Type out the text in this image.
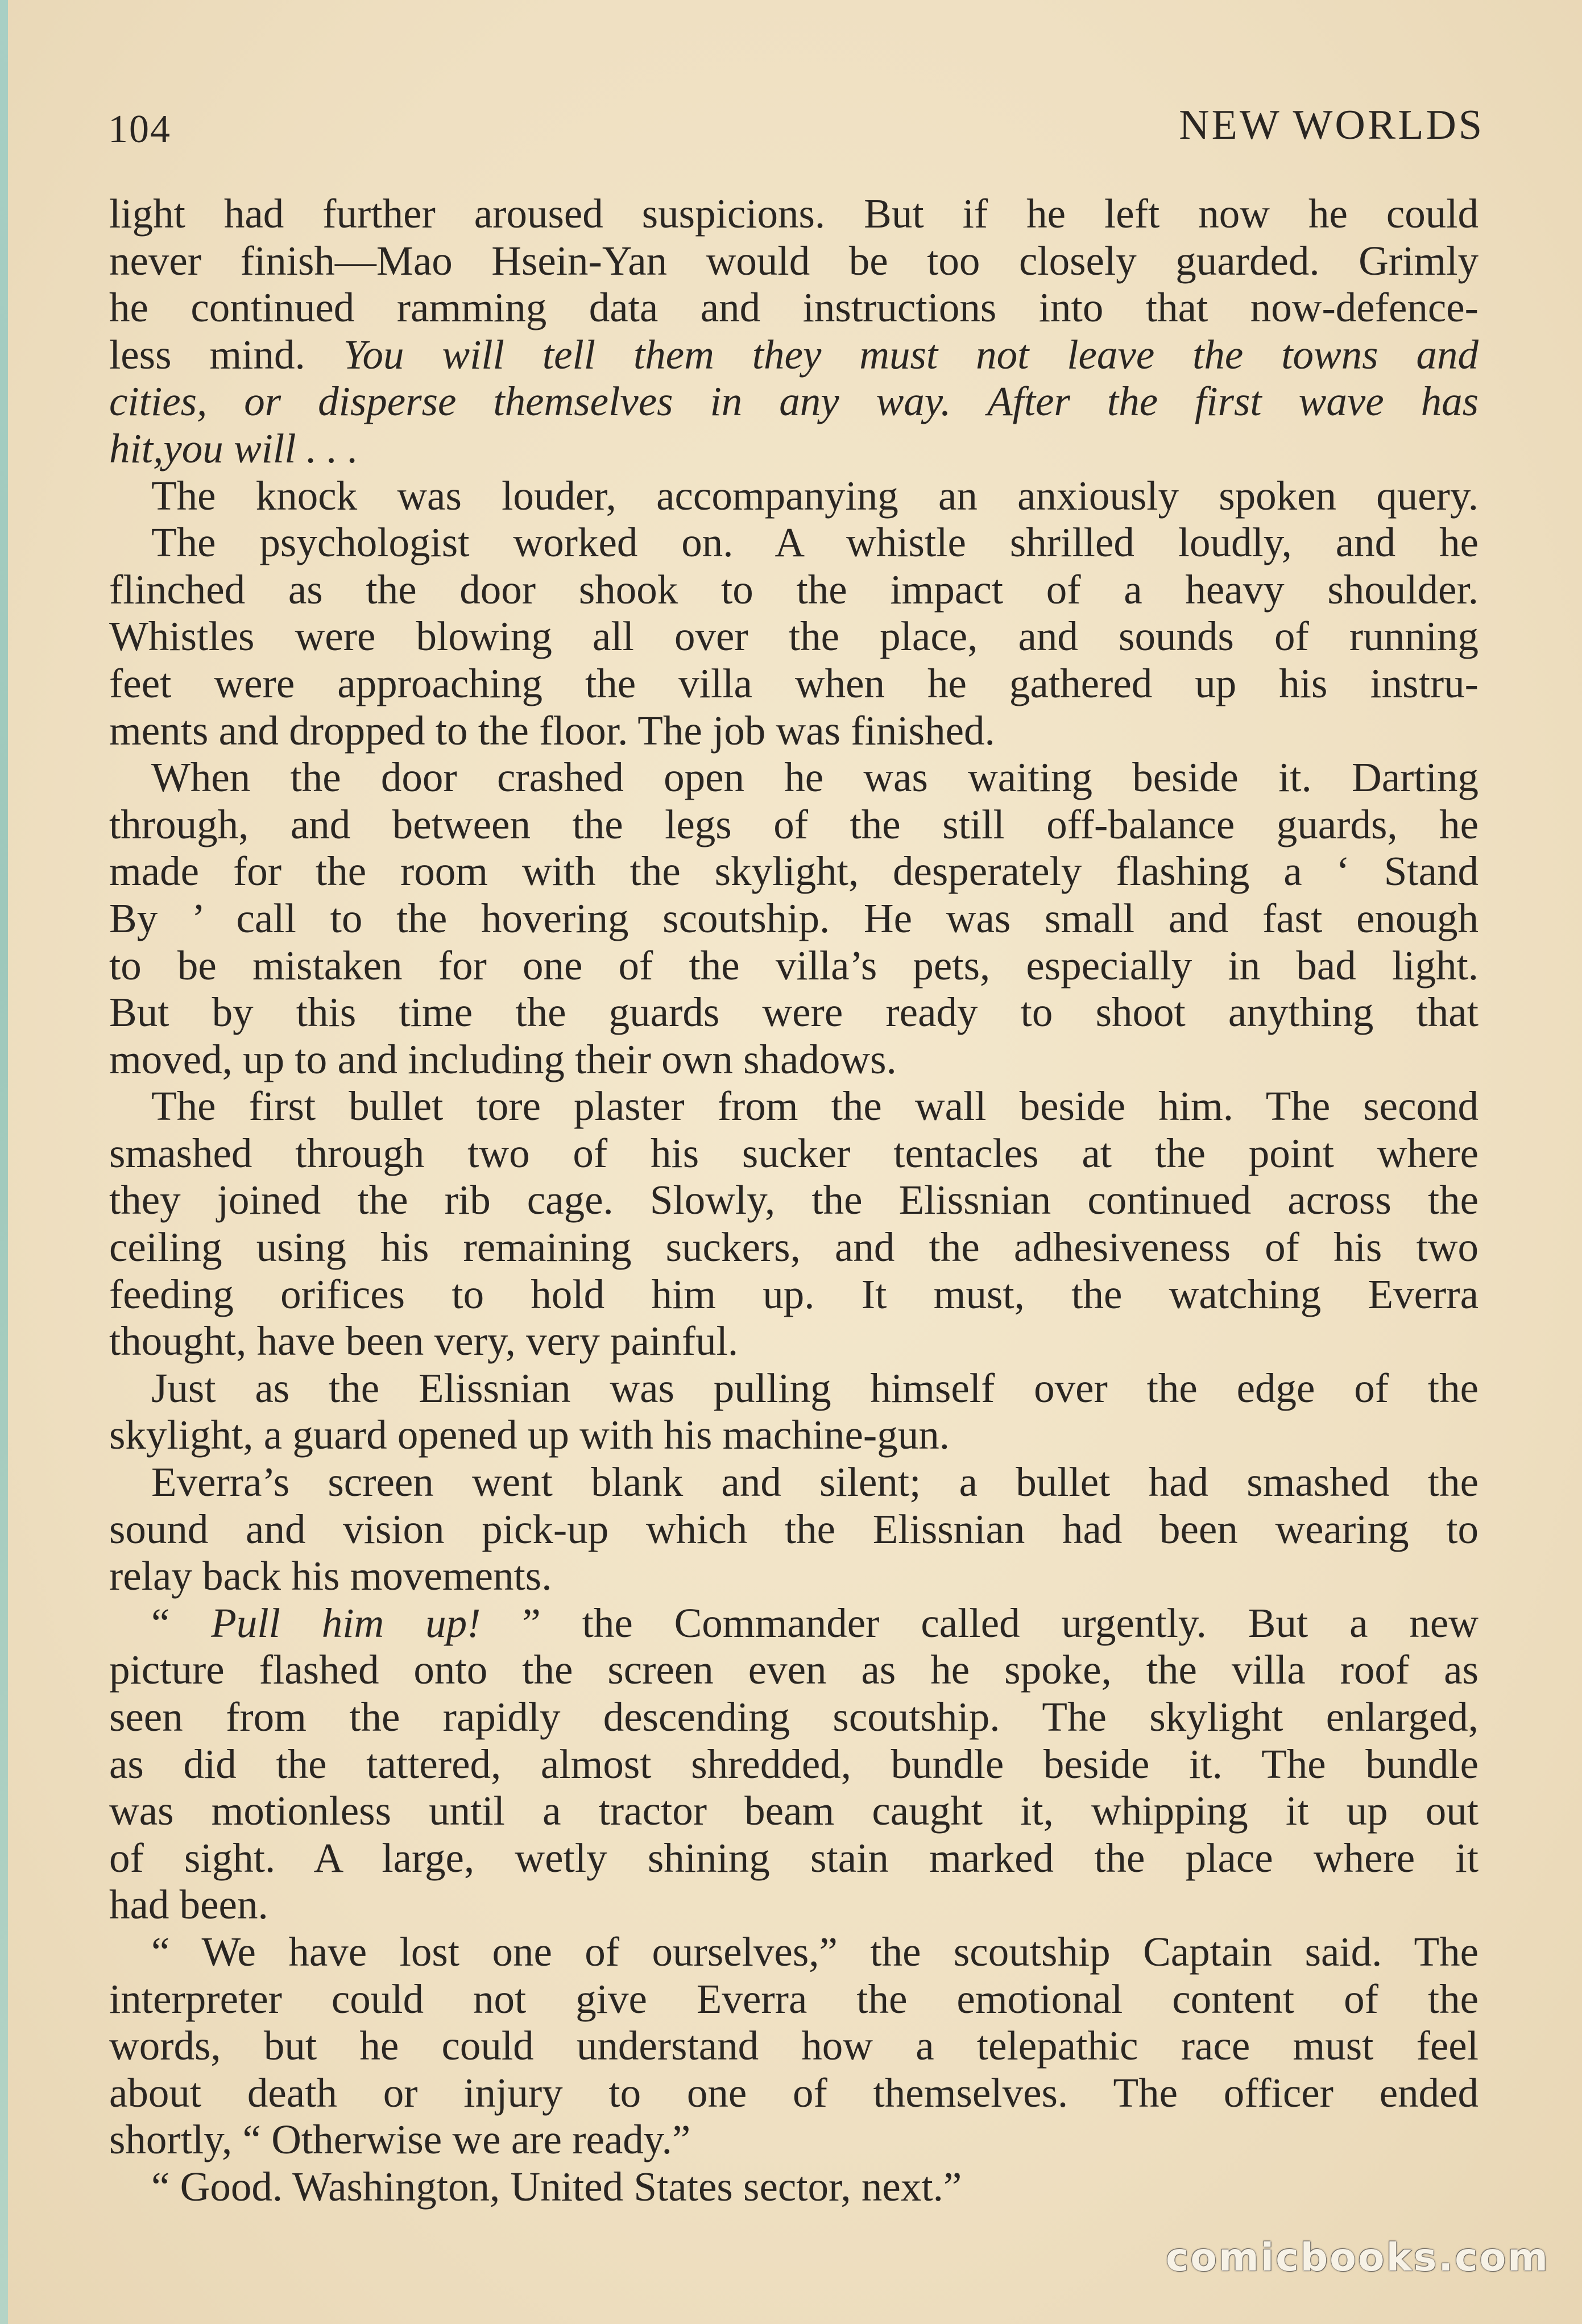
104	NEW WORLDS
light had further aroused suspicions. But if he left now he could
never finish—Mao Hsein-Yan would be too closely guarded. Grimly
he continued ramming data and instructions into that now-defence-
less mind. You will tell them they must not leave the towns and
cities, or disperse themselves in any way. After the first wave has
hit,you will . . .
The knock was louder, accompanying an anxiously spoken query.
The psychologist worked on. A whistle shrilled loudly, and he
flinched as the door shook to the impact of a heavy shoulder.
Whistles were blowing all over the place, and sounds of running
feet were approaching the villa when he gathered up his instru-
ments and dropped to the floor. The job was finished.
When the door crashed open he was waiting beside it. Darting
through, and between the legs of the still off-balance guards, he
made for the room with the skylight, desperately flashing a ‘ Stand
By ’ call to the hovering scoutship. He was small and fast enough
to be mistaken for one of the villa’s pets, especially in bad light.
But by this time the guards were ready to shoot anything that
moved, up to and including their own shadows.
The first bullet tore plaster from the wall beside him. The second
smashed through two of his sucker tentacles at the point where
they joined the rib cage. Slowly, the Elissnian continued across the
ceiling using his remaining suckers, and the adhesiveness of his two
feeding orifices to hold him up. It must, the watching Everra
thought, have been very, very painful.
Just as the Elissnian was pulling himself over the edge of the
skylight, a guard opened up with his machine-gun.
Everra’s screen went blank and silent; a bullet had smashed the
sound and vision pick-up which the Elissnian had been wearing to
relay back his movements.
“ Pull him up! ” the Commander called urgently. But a new
picture flashed onto the screen even as he spoke, the villa roof as
seen from the rapidly descending scoutship. The skylight enlarged,
as did the tattered, almost shredded, bundle beside it. The bundle
was motionless until a tractor beam caught it, whipping it up out
of sight. A large, wetly shining stain marked the place where it
had been.
“ We have lost one of ourselves,” the scoutship Captain said. The
interpreter could not give Everra the emotional content of the
words, but he could understand how a telepathic race must feel
about death or injury to one of themselves. The officer ended
shortly, “ Otherwise we are ready.”
“ Good. Washington, United States sector, next.”
comicbooks.com
